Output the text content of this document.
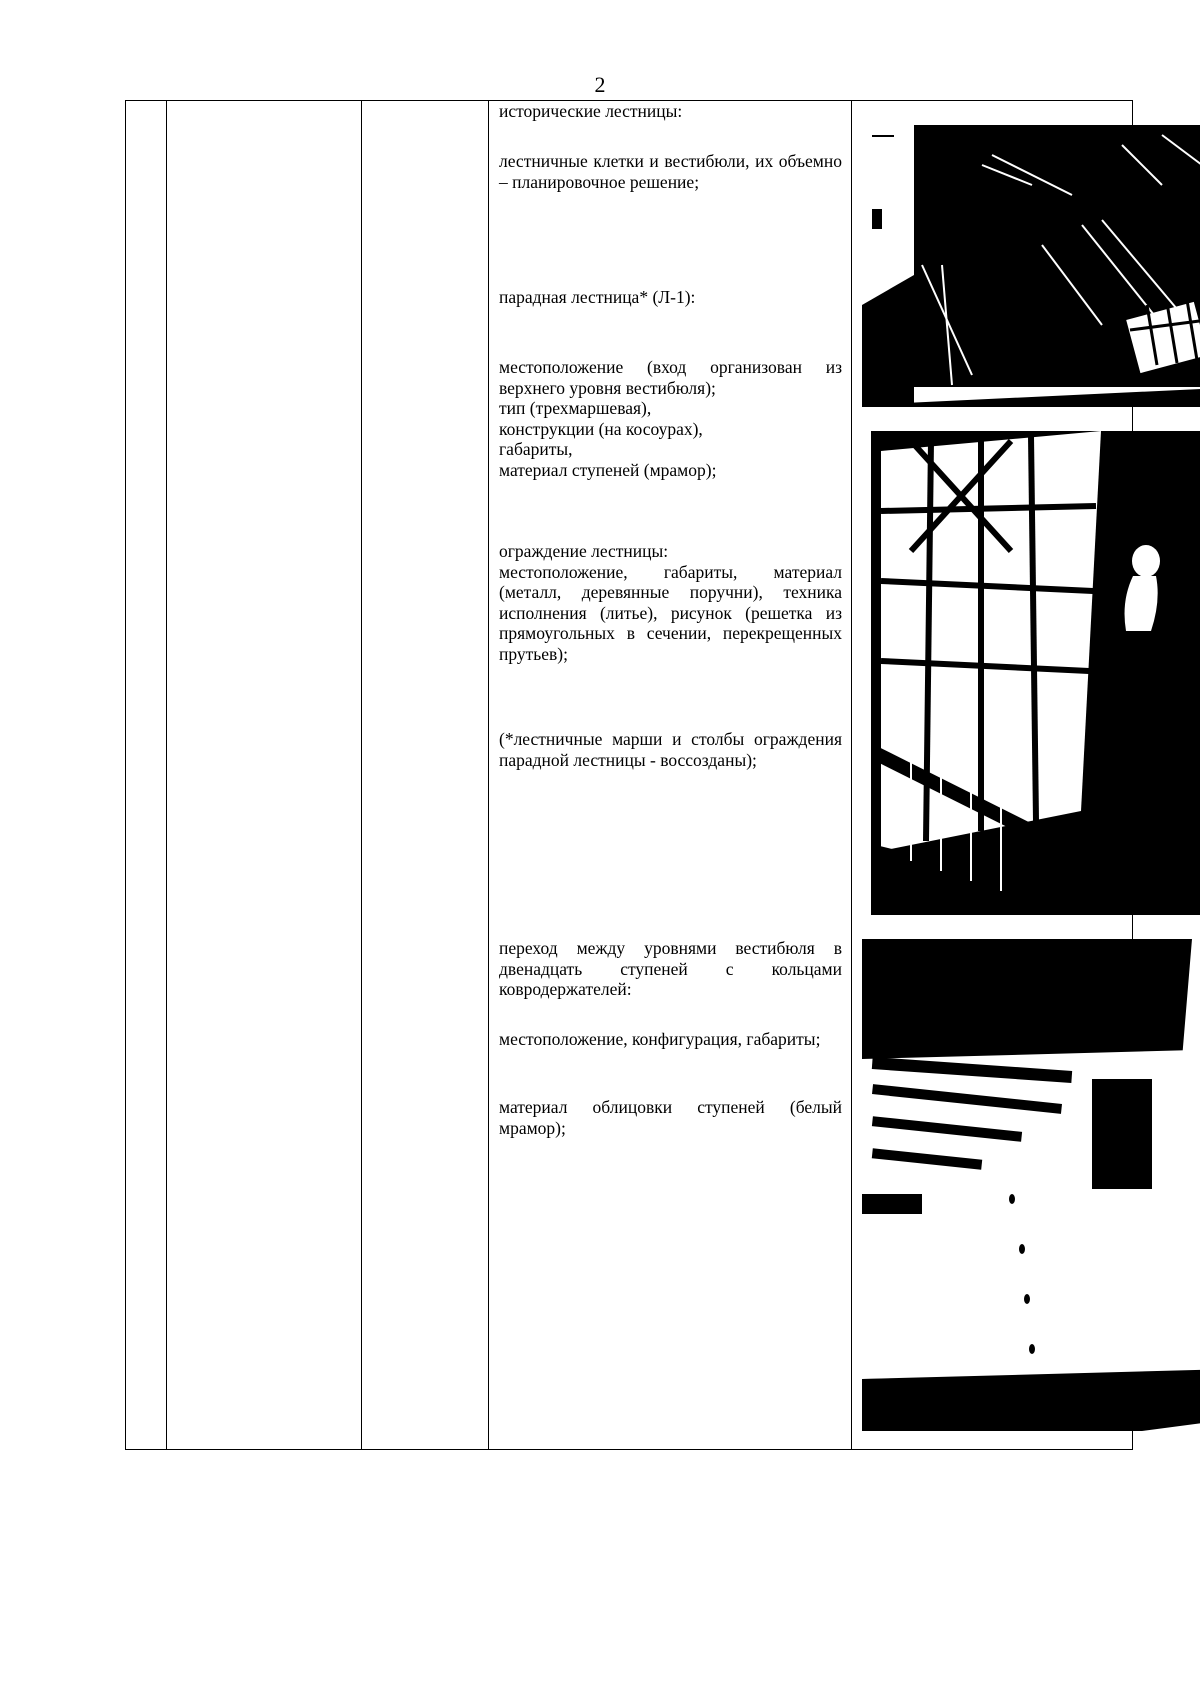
2

исторические лестницы:

лестничные клетки и вестибюли, их объемно – планировочное решение;

парадная лестница* (Л-1):

местоположение (вход организован из верхнего уровня вестибюля);

тип (трехмаршевая),

конструкции (на косоурах),

габариты,

материал ступеней (мрамор);

ограждение лестницы:

местоположение, габариты, материал (металл, деревянные поручни), техника исполнения (литье), рисунок (решетка из прямоугольных в сечении, перекрещенных прутьев);

(*лестничные марши и столбы ограждения парадной лестницы - воссозданы);

переход между уровнями вестибюля в двенадцать ступеней с кольцами ковродержателей:

местоположение, конфигурация, габариты;

материал облицовки ступеней (белый мрамор);
